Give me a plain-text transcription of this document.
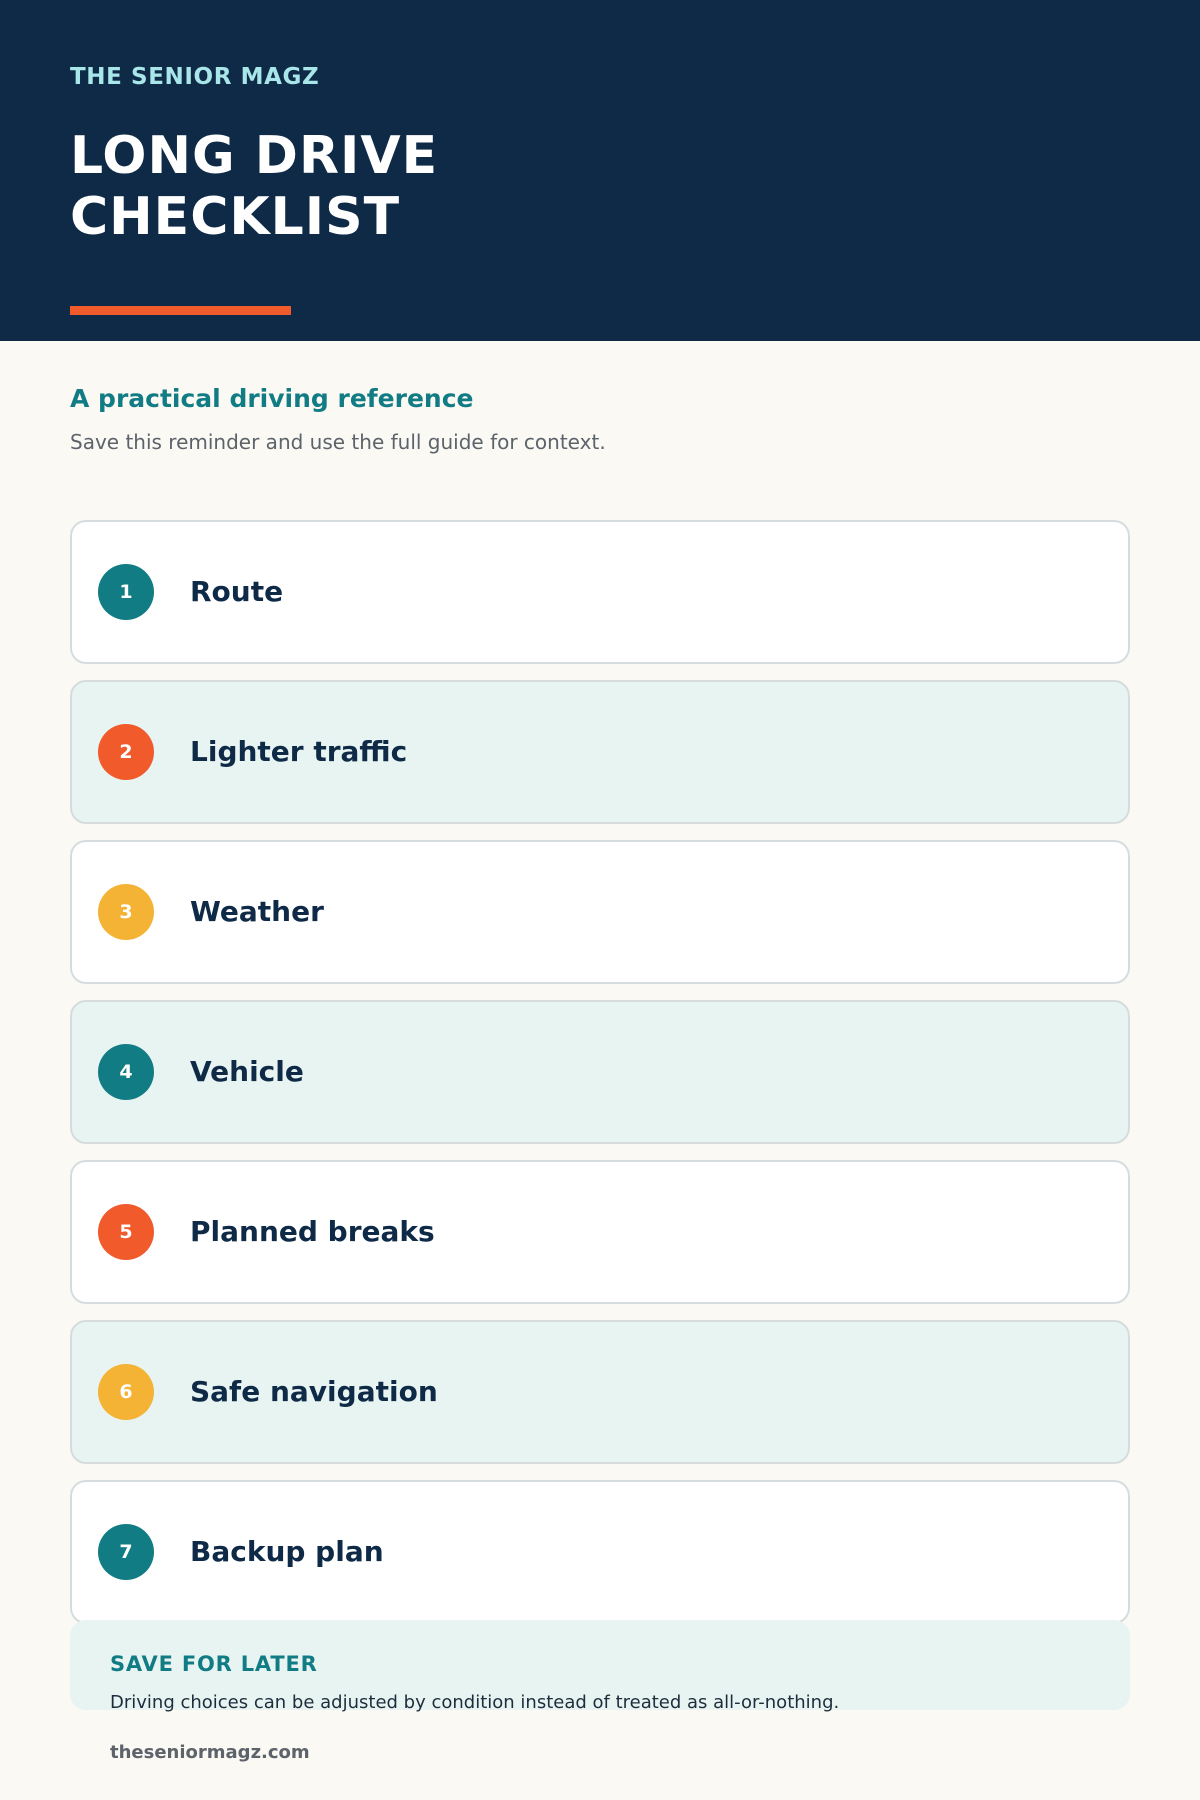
THE SENIOR MAGZ
LONG DRIVE
CHECKLIST
A practical driving reference
Save this reminder and use the full guide for context.
1	Route
2	Lighter traffic
3	Weather
4	Vehicle
5	Planned breaks
6	Safe navigation
7	Backup plan
SAVE FOR LATER
Driving choices can be adjusted by condition instead of treated as all-or-nothing.
theseniormagz.com
